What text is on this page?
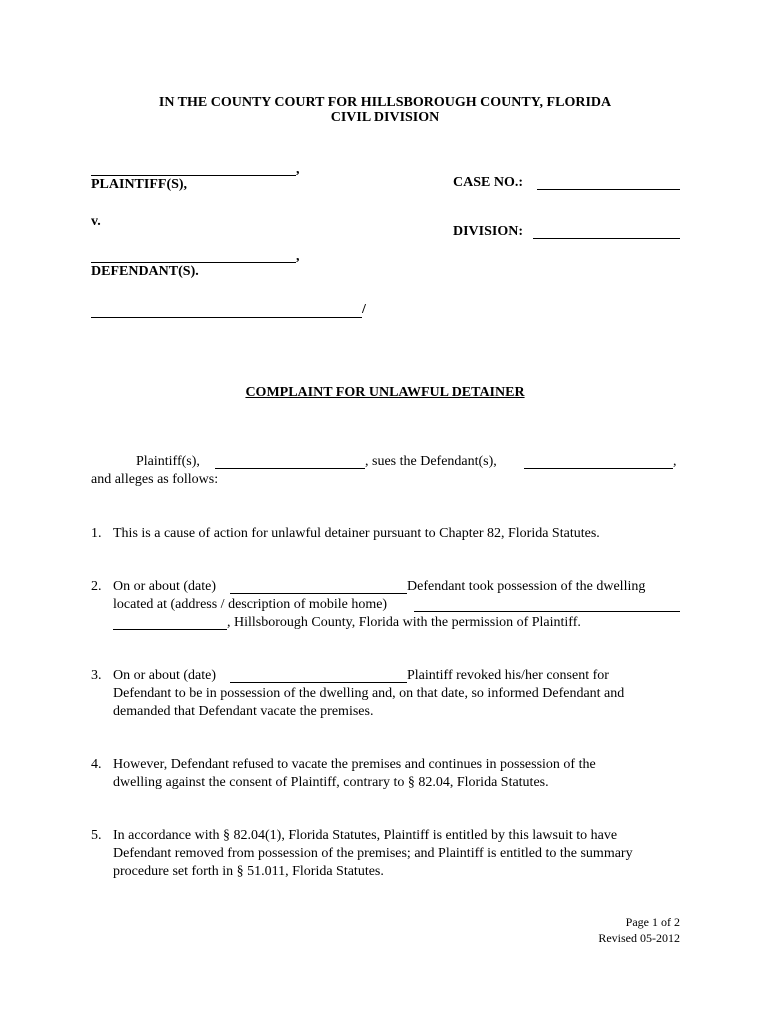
IN THE COUNTY COURT FOR HILLSBOROUGH COUNTY, FLORIDA
CIVIL DIVISION
,
PLAINTIFF(S),
v.
,
DEFENDANT(S).
/
CASE NO.:
DIVISION:
COMPLAINT FOR UNLAWFUL DETAINER
Plaintiff(s),	, sues the Defendant(s),	,
and alleges as follows:
1. This is a cause of action for unlawful detainer pursuant to Chapter 82, Florida Statutes.
2. On or about (date)	Defendant took possession of the dwelling
located at (address / description of mobile home)
, Hillsborough County, Florida with the permission of Plaintiff.
3. On or about (date)	Plaintiff revoked his/her consent for
Defendant to be in possession of the dwelling and, on that date, so informed Defendant and
demanded that Defendant vacate the premises.
4. However, Defendant refused to vacate the premises and continues in possession of the
dwelling against the consent of Plaintiff, contrary to § 82.04, Florida Statutes.
5. In accordance with § 82.04(1), Florida Statutes, Plaintiff is entitled by this lawsuit to have
Defendant removed from possession of the premises; and Plaintiff is entitled to the summary
procedure set forth in § 51.011, Florida Statutes.
Page 1 of 2
Revised 05-2012
